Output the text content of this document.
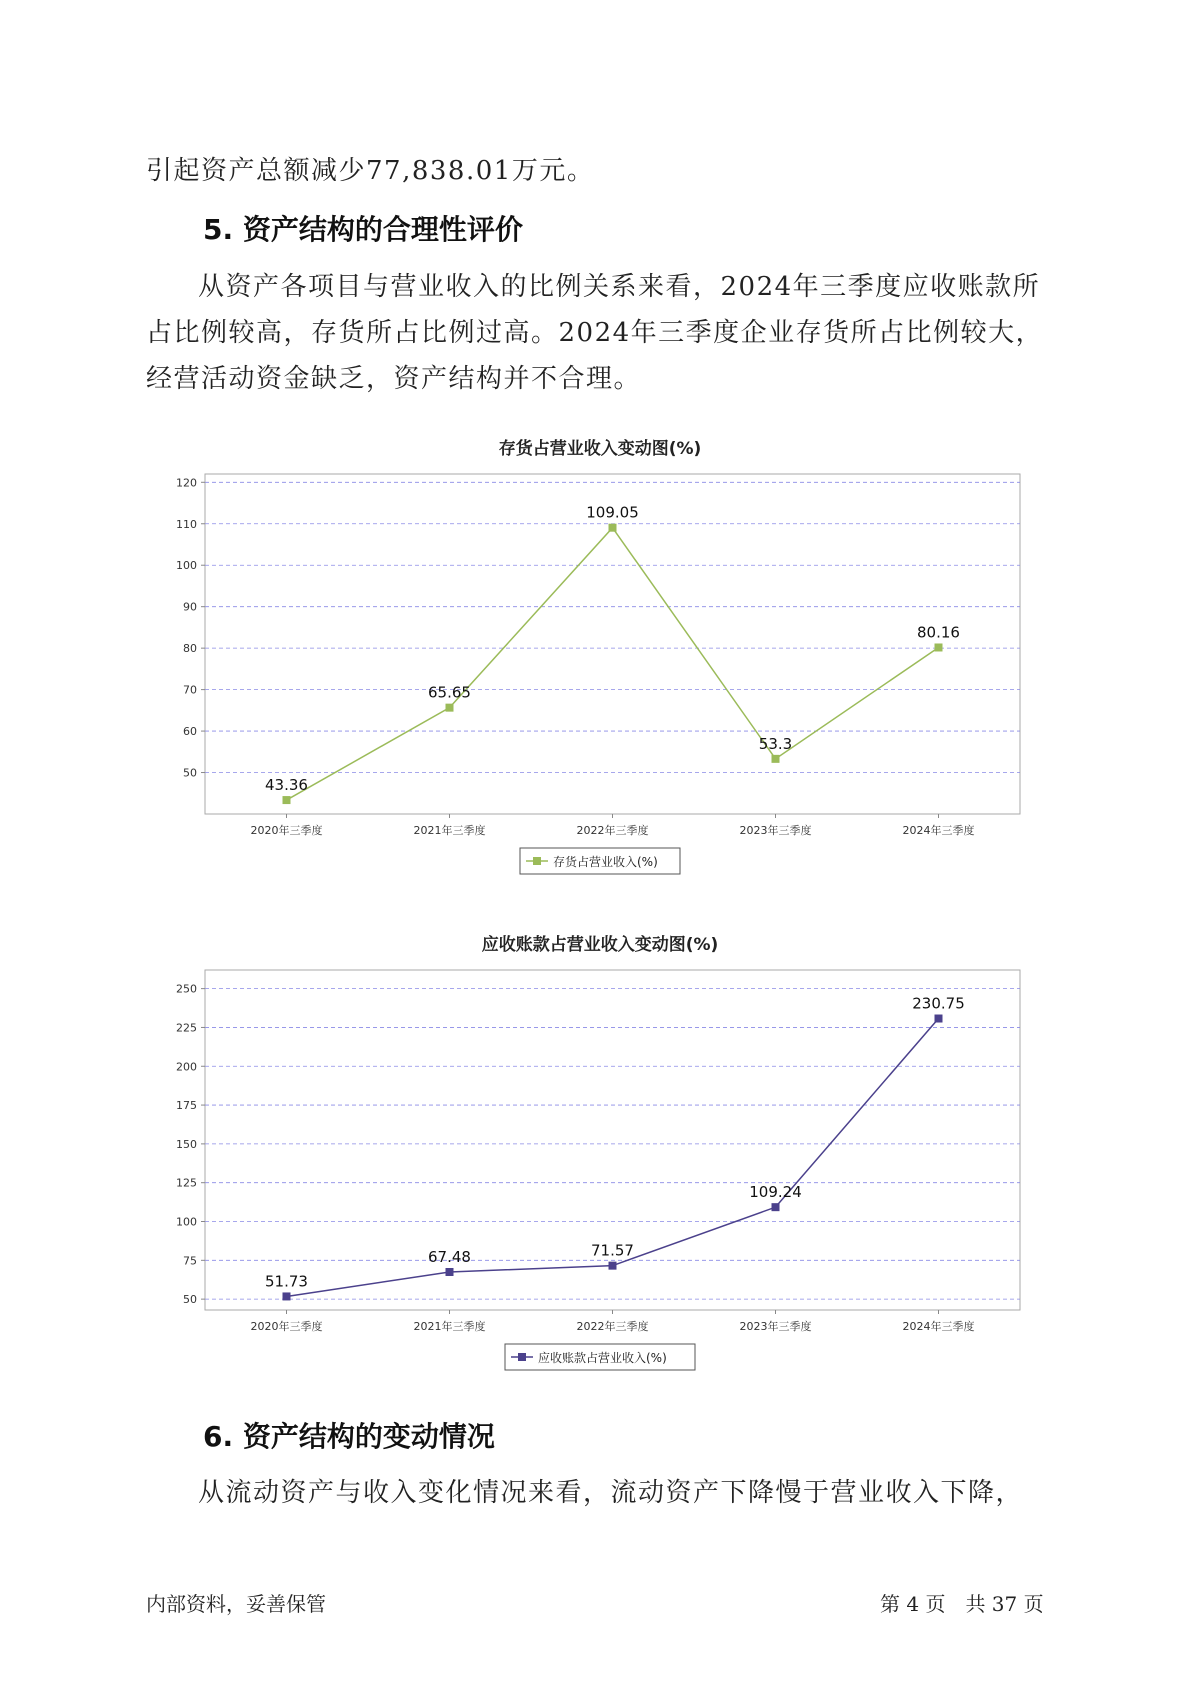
引起资产总额减少77,838.01万元。

5. 资产结构的合理性评价

从资产各项目与营业收入的比例关系来看，2024年三季度应收账款所

占比例较高，存货所占比例过高。2024年三季度企业存货所占比例较大，

经营活动资金缺乏，资产结构并不合理。

存货占营业收入变动图(%)
50
60
70
80
90
100
110
120
2020年三季度	2021年三季度	2022年三季度	2023年三季度	2024年三季度
43.36
65.65
109.05
53.3
80.16
存货占营业收入(%)
应收账款占营业收入变动图(%)
50
75
100
125
150
175
200
225
250
2020年三季度	2021年三季度	2022年三季度	2023年三季度	2024年三季度
51.73
67.48	71.57
109.24
230.75
应收账款占营业收入(%)
6. 资产结构的变动情况

从流动资产与收入变化情况来看，流动资产下降慢于营业收入下降，

内部资料，妥善保管	第 4 页　共 37 页
